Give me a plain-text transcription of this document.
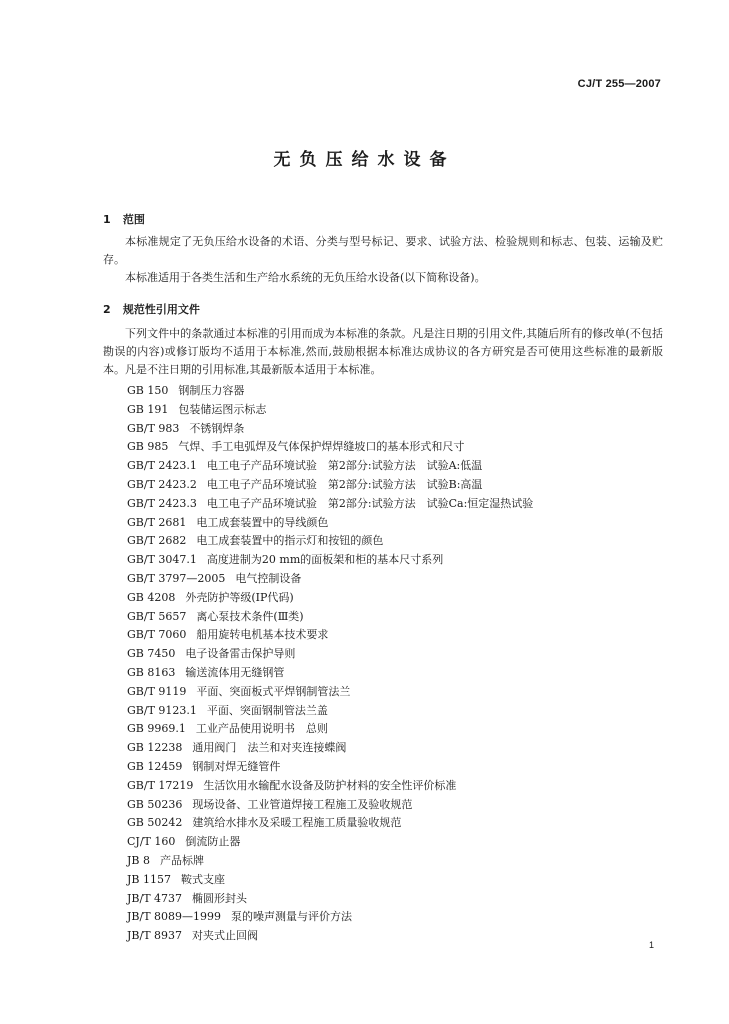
CJ/T 255—2007
无负压给水设备
1 范围
本标准规定了无负压给水设备的术语、分类与型号标记、要求、试验方法、检验规则和标志、包装、运输及贮存。
本标准适用于各类生活和生产给水系统的无负压给水设备(以下简称设备)。
2 规范性引用文件
下列文件中的条款通过本标准的引用而成为本标准的条款。凡是注日期的引用文件,其随后所有的修改单(不包括勘误的内容)或修订版均不适用于本标准,然而,鼓励根据本标准达成协议的各方研究是否可使用这些标准的最新版本。凡是不注日期的引用标准,其最新版本适用于本标准。
GB 150 钢制压力容器
GB 191 包装储运图示标志
GB/T 983 不锈钢焊条
GB 985 气焊、手工电弧焊及气体保护焊焊缝坡口的基本形式和尺寸
GB/T 2423.1 电工电子产品环境试验　第2部分:试验方法　试验A:低温
GB/T 2423.2 电工电子产品环境试验　第2部分:试验方法　试验B:高温
GB/T 2423.3 电工电子产品环境试验　第2部分:试验方法　试验Ca:恒定湿热试验
GB/T 2681 电工成套装置中的导线颜色
GB/T 2682 电工成套装置中的指示灯和按钮的颜色
GB/T 3047.1 高度进制为20 mm的面板架和柜的基本尺寸系列
GB/T 3797—2005 电气控制设备
GB 4208 外壳防护等级(IP代码)
GB/T 5657 离心泵技术条件(Ⅲ类)
GB/T 7060 船用旋转电机基本技术要求
GB 7450 电子设备雷击保护导则
GB 8163 输送流体用无缝钢管
GB/T 9119 平面、突面板式平焊钢制管法兰
GB/T 9123.1 平面、突面钢制管法兰盖
GB 9969.1 工业产品使用说明书　总则
GB 12238 通用阀门　法兰和对夹连接蝶阀
GB 12459 钢制对焊无缝管件
GB/T 17219 生活饮用水输配水设备及防护材料的安全性评价标准
GB 50236 现场设备、工业管道焊接工程施工及验收规范
GB 50242 建筑给水排水及采暖工程施工质量验收规范
CJ/T 160 倒流防止器
JB 8 产品标牌
JB 1157 鞍式支座
JB/T 4737 椭圆形封头
JB/T 8089—1999 泵的噪声测量与评价方法
JB/T 8937 对夹式止回阀
1
